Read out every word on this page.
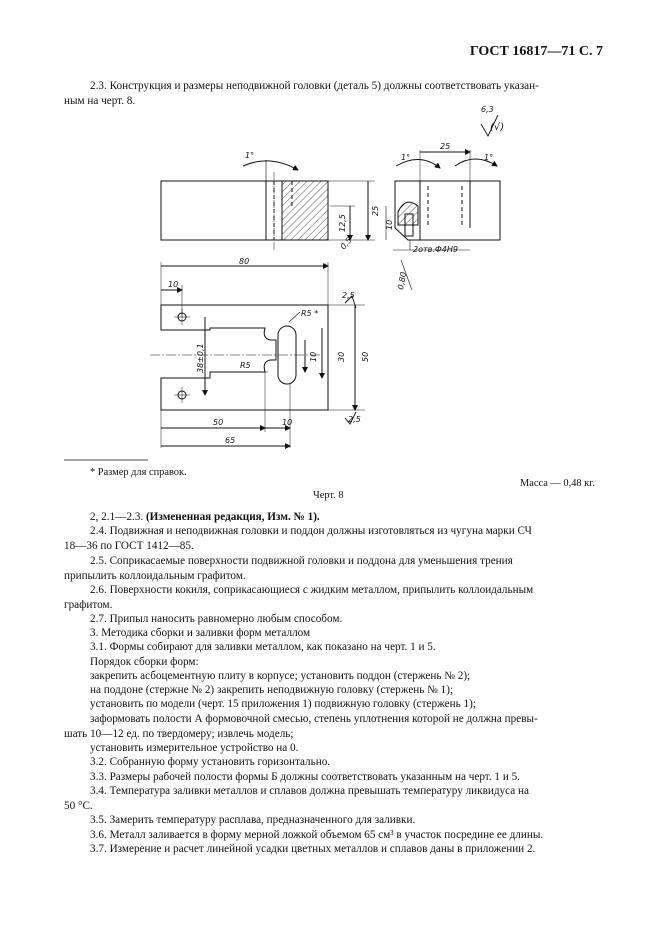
ГОСТ 16817—71 С. 7
2.3. Конструкция и размеры неподвижной головки (деталь 5) должны соответствовать указан-
ным на черт. 8.
1°
12,5
25
0,5
6,3
(√)
25
1°	1°
10
2отв.Ф4Н9
0,80
80
10
2,5
R5 *
R5
38±0,1	10 30 50
50	10
65
2,5
* Размер для справок.
Масса — 0,48 кг.
Черт. 8
2, 2.1—2.3. (Измененная редакция, Изм. № 1).
2.4. Подвижная и неподвижная головки и поддон должны изготовляться из чугуна марки СЧ
18—36 по ГОСТ 1412—85.
2.5. Соприкасаемые поверхности подвижной головки и поддона для уменьшения трения
припылить коллоидальным графитом.
2.6. Поверхности кокиля, соприкасающиеся с жидким металлом, припылить коллоидальным
графитом.
2.7. Припыл наносить равномерно любым способом.
3. Методика сборки и заливки форм металлом
3.1. Формы собирают для заливки металлом, как показано на черт. 1 и 5.
Порядок сборки форм:
закрепить асбоцементную плиту в корпусе; установить поддон (стержень № 2);
на поддоне (стержне № 2) закрепить неподвижную головку (стержень № 1);
установить по модели (черт. 15 приложения 1) подвижную головку (стержень 1);
зaформовать полости А формовочной смесью, степень уплотнения которой не должна превы-
шать 10—12 ед. по твердомеру; извлечь модель;
установить измерительное устройство на 0.
3.2. Собранную форму установить горизонтально.
3.3. Размеры рабочей полости формы Б должны соответствовать указанным на черт. 1 и 5.
3.4. Температура заливки металлов и сплавов должна превышать температуру ликвидуса на
50 °С.
3.5. Замерить температуру расплава, предназначенного для заливки.
3.6. Металл заливается в форму мерной ложкой объемом 65 см³ в участок посредине ее длины.
3.7. Измерение и расчет линейной усадки цветных металлов и сплавов даны в приложении 2.
